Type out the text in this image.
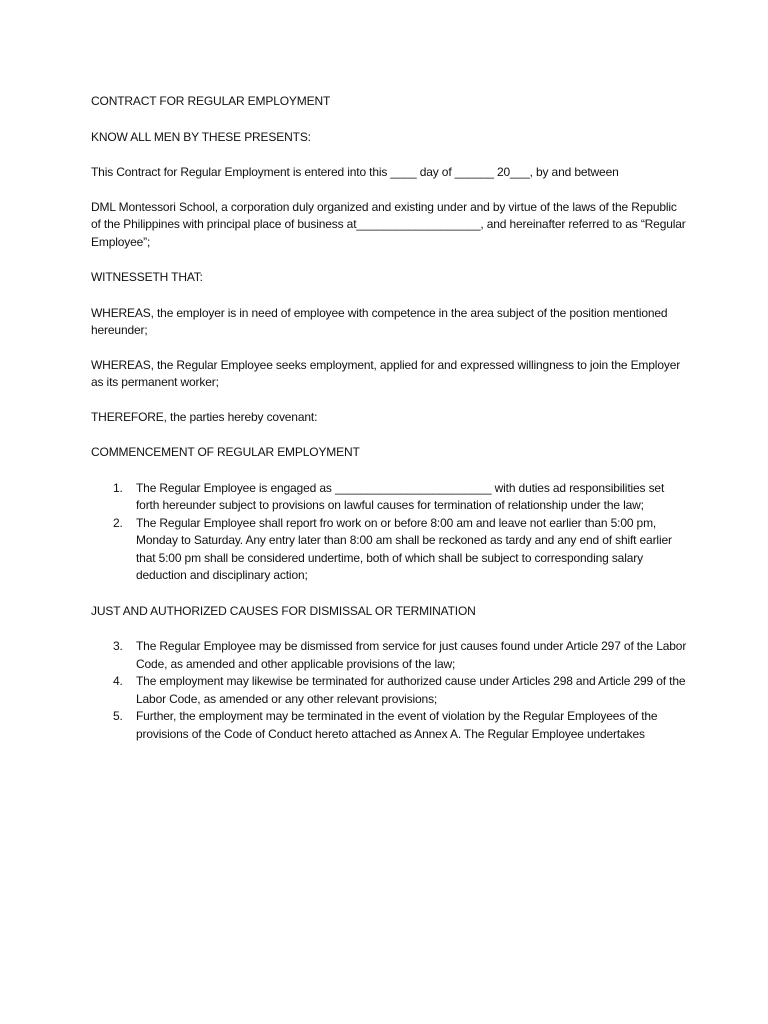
CONTRACT FOR REGULAR EMPLOYMENT

KNOW ALL MEN BY THESE PRESENTS:

This Contract for Regular Employment is entered into this ____ day of ______ 20___, by and between

DML Montessori School, a corporation duly organized and existing under and by virtue of the laws of the Republic of the Philippines with principal place of business at___________________, and hereinafter referred to as “Regular Employee”;

WITNESSETH THAT:

WHEREAS, the employer is in need of employee with competence in the area subject of the position mentioned hereunder;

WHEREAS, the Regular Employee seeks employment, applied for and expressed willingness to join the Employer as its permanent worker;

THEREFORE, the parties hereby covenant:

COMMENCEMENT OF REGULAR EMPLOYMENT

1. The Regular Employee is engaged as ________________________ with duties ad responsibilities set forth hereunder subject to provisions on lawful causes for termination of relationship under the law;
2. The Regular Employee shall report fro work on or before 8:00 am and leave not earlier than 5:00 pm, Monday to Saturday. Any entry later than 8:00 am shall be reckoned as tardy and any end of shift earlier that 5:00 pm shall be considered undertime, both of which shall be subject to corresponding salary deduction and disciplinary action;

JUST AND AUTHORIZED CAUSES FOR DISMISSAL OR TERMINATION

3. The Regular Employee may be dismissed from service for just causes found under Article 297 of the Labor Code, as amended and other applicable provisions of the law;
4. The employment may likewise be terminated for authorized cause under Articles 298 and Article 299 of the Labor Code, as amended or any other relevant provisions;
5. Further, the employment may be terminated in the event of violation by the Regular Employees of the provisions of the Code of Conduct hereto attached as Annex A. The Regular Employee undertakes
